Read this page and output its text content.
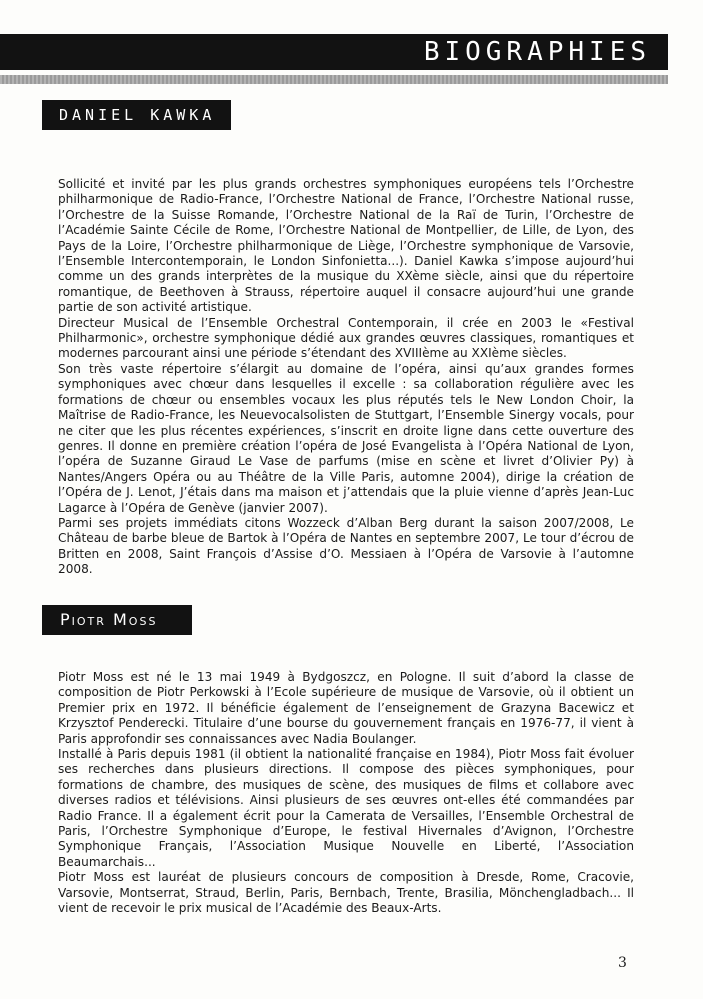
BIOGRAPHIES
DANIEL KAWKA

Sollicité et invité par les plus grands orchestres symphoniques européens tels l’Orchestre philharmonique de Radio-France, l’Orchestre National de France, l’Orchestre National russe, l’Orchestre de la Suisse Romande, l’Orchestre National de la Raï de Turin, l’Orchestre de l’Académie Sainte Cécile de Rome, l’Orchestre National de Montpellier, de Lille, de Lyon, des Pays de la Loire, l’Orchestre philharmonique de Liège, l’Orchestre symphonique de Varsovie, l’Ensemble Intercontemporain, le London Sinfonietta...). Daniel Kawka s’impose aujourd’hui comme un des grands interprètes de la musique du XXème siècle, ainsi que du répertoire romantique, de Beethoven à Strauss, répertoire auquel il consacre aujourd’hui une grande partie de son activité artistique.

Directeur Musical de l’Ensemble Orchestral Contemporain, il crée en 2003 le «Festival Philharmonic», orchestre symphonique dédié aux grandes œuvres classiques, romantiques et modernes parcourant ainsi une période s’étendant des XVIIIème au XXIème siècles.

Son très vaste répertoire s’élargit au domaine de l’opéra, ainsi qu’aux grandes formes symphoniques avec chœur dans lesquelles il excelle : sa collaboration régulière avec les formations de chœur ou ensembles vocaux les plus réputés tels le New London Choir, la Maîtrise de Radio-France, les Neuevocalsolisten de Stuttgart, l’Ensemble Sinergy vocals, pour ne citer que les plus récentes expériences, s’inscrit en droite ligne dans cette ouverture des genres. Il donne en première création l’opéra de José Evangelista à l’Opéra National de Lyon, l’opéra de Suzanne Giraud Le Vase de parfums (mise en scène et livret d’Olivier Py) à Nantes/Angers Opéra ou au Théâtre de la Ville Paris, automne 2004), dirige la création de l’Opéra de J. Lenot, J’étais dans ma maison et j’attendais que la pluie vienne d’après Jean-Luc Lagarce à l’Opéra de Genève (janvier 2007).

Parmi ses projets immédiats citons Wozzeck d’Alban Berg durant la saison 2007/2008, Le Château de barbe bleue de Bartok à l’Opéra de Nantes en septembre 2007, Le tour d’écrou de Britten en 2008, Saint François d’Assise d’O. Messiaen à l’Opéra de Varsovie à l’automne 2008.

Piotr Moss

Piotr Moss est né le 13 mai 1949 à Bydgoszcz, en Pologne. Il suit d’abord la classe de composition de Piotr Perkowski à l’Ecole supérieure de musique de Varsovie, où il obtient un Premier prix en 1972. Il bénéficie également de l’enseignement de Grazyna Bacewicz et Krzysztof Penderecki. Titulaire d’une bourse du gouvernement français en 1976-77, il vient à Paris approfondir ses connaissances avec Nadia Boulanger.

Installé à Paris depuis 1981 (il obtient la nationalité française en 1984), Piotr Moss fait évoluer ses recherches dans plusieurs directions. Il compose des pièces symphoniques, pour formations de chambre, des musiques de scène, des musiques de films et collabore avec diverses radios et télévisions. Ainsi plusieurs de ses œuvres ont-elles été commandées par Radio France. Il a également écrit pour la Camerata de Versailles, l’Ensemble Orchestral de Paris, l’Orchestre Symphonique d’Europe, le festival Hivernales d’Avignon, l’Orchestre Symphonique Français, l’Association Musique Nouvelle en Liberté, l’Association Beaumarchais...

Piotr Moss est lauréat de plusieurs concours de composition à Dresde, Rome, Cracovie, Varsovie, Montserrat, Straud, Berlin, Paris, Bernbach, Trente, Brasilia, Mönchengladbach... Il vient de recevoir le prix musical de l’Académie des Beaux-Arts.

3
